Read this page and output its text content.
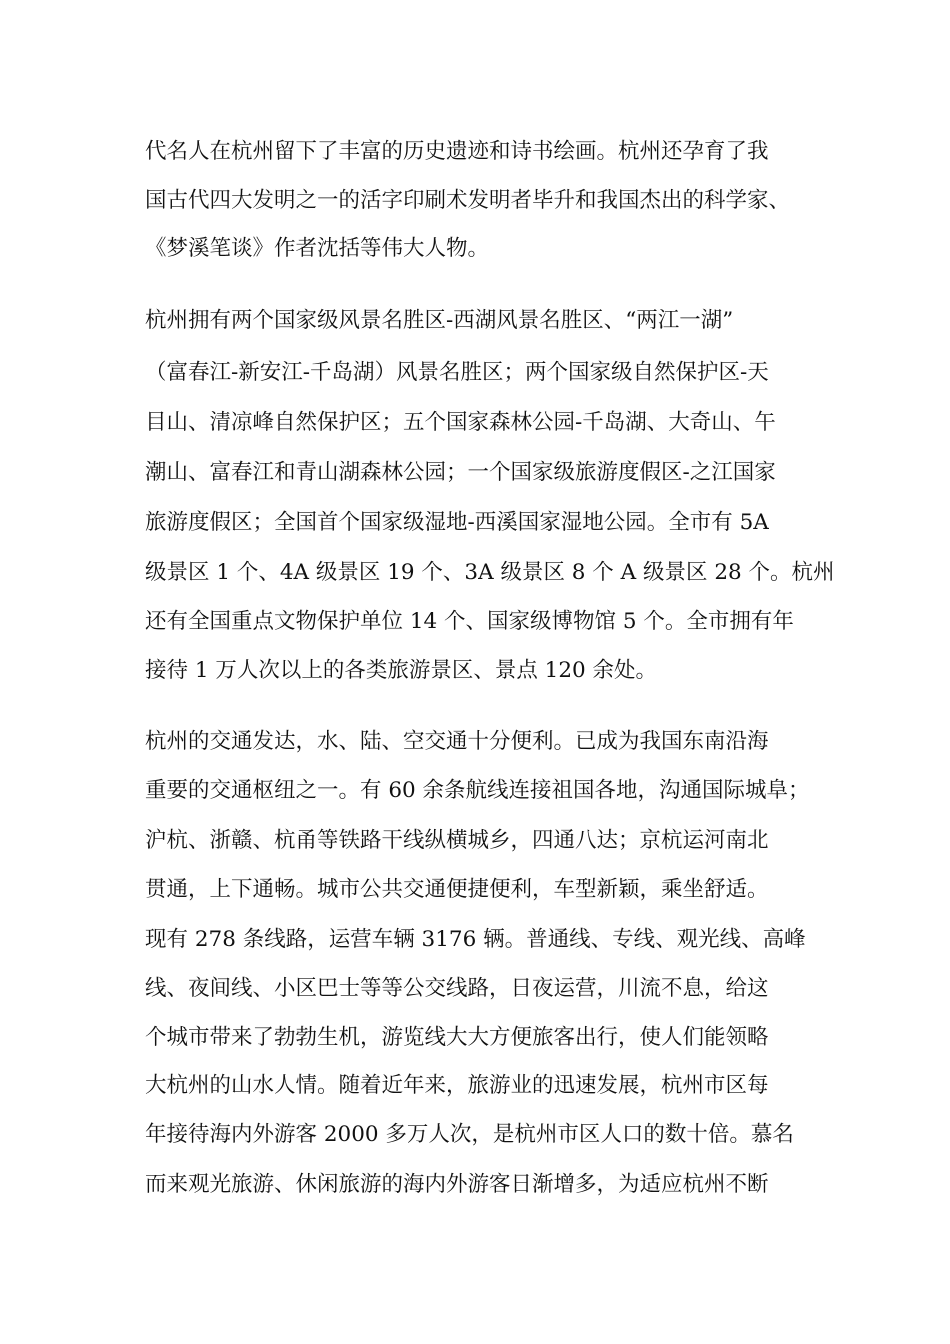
代名人在杭州留下了丰富的历史遗迹和诗书绘画。杭州还孕育了我
国古代四大发明之一的活字印刷术发明者毕升和我国杰出的科学家、
《梦溪笔谈》作者沈括等伟大人物。
杭州拥有两个国家级风景名胜区-西湖风景名胜区、“两江一湖”
（富春江-新安江-千岛湖）风景名胜区；两个国家级自然保护区-天
目山、清凉峰自然保护区；五个国家森林公园-千岛湖、大奇山、午
潮山、富春江和青山湖森林公园；一个国家级旅游度假区-之江国家
旅游度假区；全国首个国家级湿地-西溪国家湿地公园。全市有 5A
级景区 1 个、4A 级景区 19 个、3A 级景区 8 个 A 级景区 28 个。杭州
还有全国重点文物保护单位 14 个、国家级博物馆 5 个。全市拥有年
接待 1 万人次以上的各类旅游景区、景点 120 余处。
杭州的交通发达，水、陆、空交通十分便利。已成为我国东南沿海
重要的交通枢纽之一。有 60 余条航线连接祖国各地，沟通国际城阜；
沪杭、浙赣、杭甬等铁路干线纵横城乡，四通八达；京杭运河南北
贯通，上下通畅。城市公共交通便捷便利，车型新颖，乘坐舒适。
现有 278 条线路，运营车辆 3176 辆。普通线、专线、观光线、高峰
线、夜间线、小区巴士等等公交线路，日夜运营，川流不息，给这
个城市带来了勃勃生机，游览线大大方便旅客出行，使人们能领略
大杭州的山水人情。随着近年来，旅游业的迅速发展，杭州市区每
年接待海内外游客 2000 多万人次，是杭州市区人口的数十倍。慕名
而来观光旅游、休闲旅游的海内外游客日渐增多，为适应杭州不断
